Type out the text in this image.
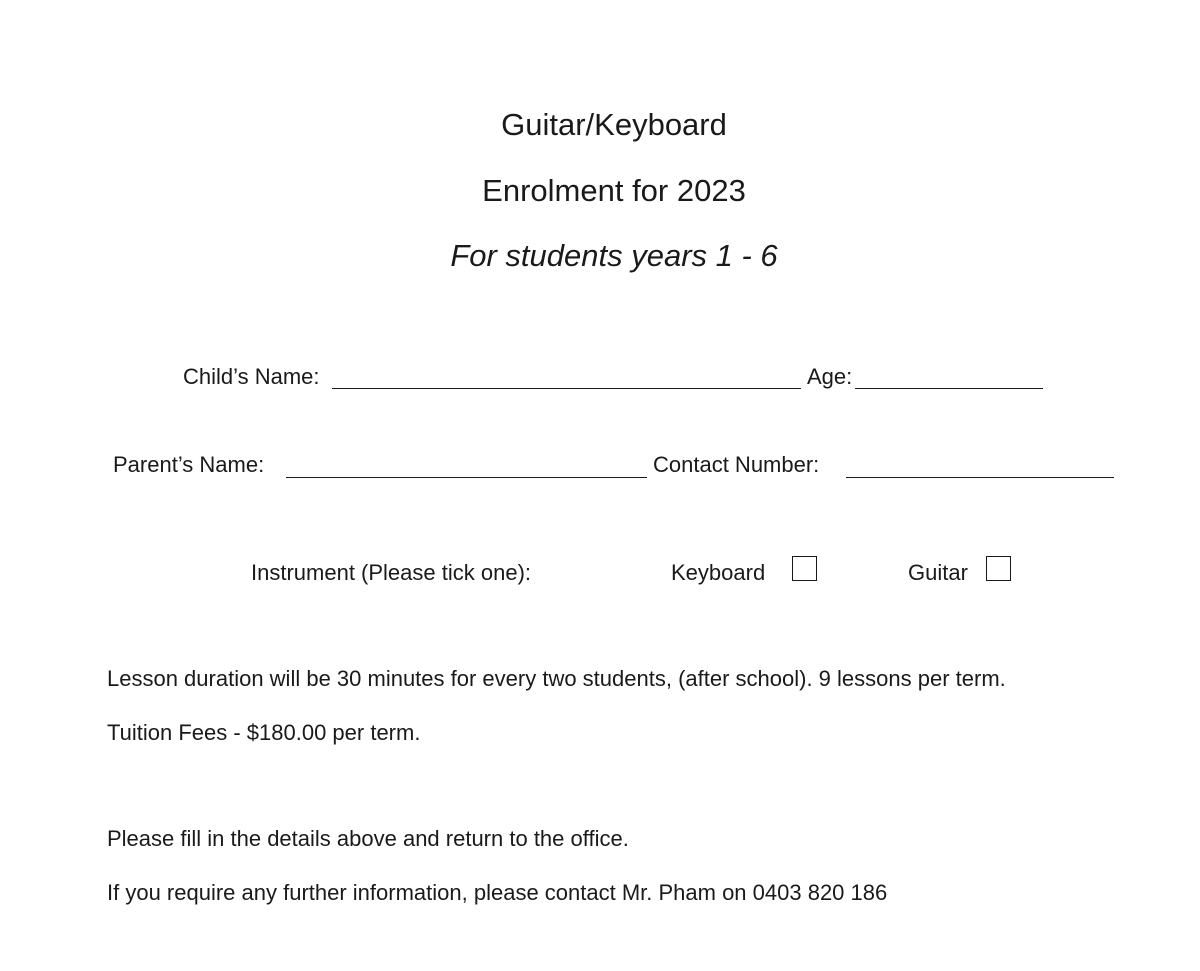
Guitar/Keyboard
Enrolment for 2023
For students years 1 - 6
Child’s Name:	Age:
Parent’s Name:	Contact Number:
Instrument (Please tick one):	Keyboard	Guitar
Lesson duration will be 30 minutes for every two students, (after school). 9 lessons per term.
Tuition Fees - $180.00 per term.
Please fill in the details above and return to the office.
If you require any further information, please contact Mr. Pham on 0403 820 186
